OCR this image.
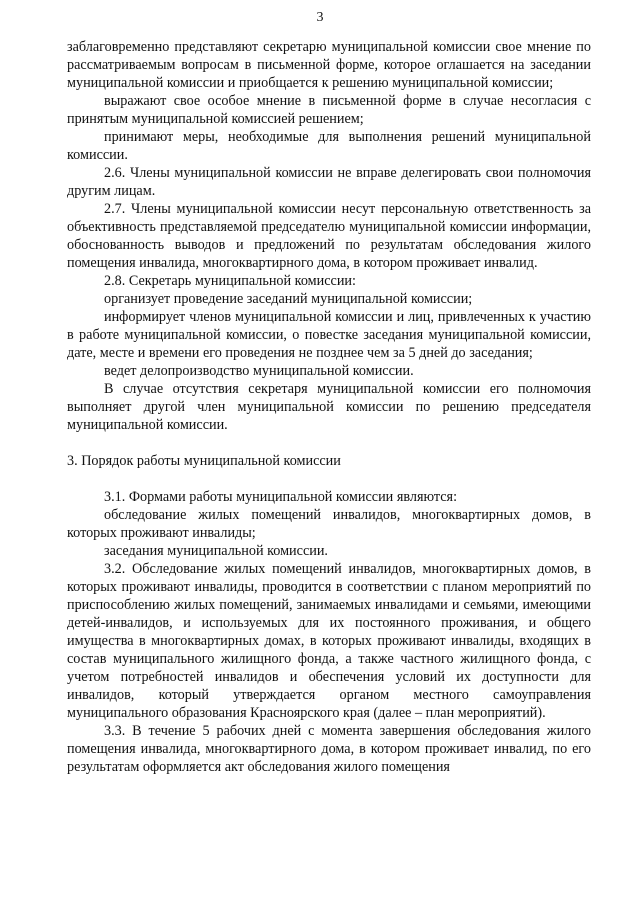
3

заблаговременно представляют секретарю муниципальной комиссии свое мнение по рассматриваемым вопросам в письменной форме, которое оглашается на заседании муниципальной комиссии и приобщается к решению муниципальной комиссии;

выражают свое особое мнение в письменной форме в случае несогласия с принятым муниципальной комиссией решением;

принимают меры, необходимые для выполнения решений муниципальной комиссии.

2.6. Члены муниципальной комиссии не вправе делегировать свои полномочия другим лицам.

2.7. Члены муниципальной комиссии несут персональную ответственность за объективность представляемой председателю муниципальной комиссии информации, обоснованность выводов и предложений по результатам обследования жилого помещения инвалида, многоквартирного дома, в котором проживает инвалид.

2.8. Секретарь муниципальной комиссии:

организует проведение заседаний муниципальной комиссии;

информирует членов муниципальной комиссии и лиц, привлеченных к участию в работе муниципальной комиссии, о повестке заседания муниципальной комиссии, дате, месте и времени его проведения не позднее чем за 5 дней до заседания;

ведет делопроизводство муниципальной комиссии.

В случае отсутствия секретаря муниципальной комиссии его полномочия выполняет другой член муниципальной комиссии по решению председателя муниципальной комиссии.

3. Порядок работы муниципальной комиссии

3.1. Формами работы муниципальной комиссии являются:

обследование жилых помещений инвалидов, многоквартирных домов, в которых проживают инвалиды;

заседания муниципальной комиссии.

3.2. Обследование жилых помещений инвалидов, многоквартирных домов, в которых проживают инвалиды, проводится в соответствии с планом мероприятий по приспособлению жилых помещений, занимаемых инвалидами и семьями, имеющими детей-инвалидов, и используемых для их постоянного проживания, и общего имущества в многоквартирных домах, в которых проживают инвалиды, входящих в состав муниципального жилищного фонда, а также частного жилищного фонда, с учетом потребностей инвалидов и обеспечения условий их доступности для инвалидов, который утверждается органом местного самоуправления муниципального образования Красноярского края (далее – план мероприятий).

3.3. В течение 5 рабочих дней с момента завершения обследования жилого помещения инвалида, многоквартирного дома, в котором проживает инвалид, по его результатам оформляется акт обследования жилого помещения
